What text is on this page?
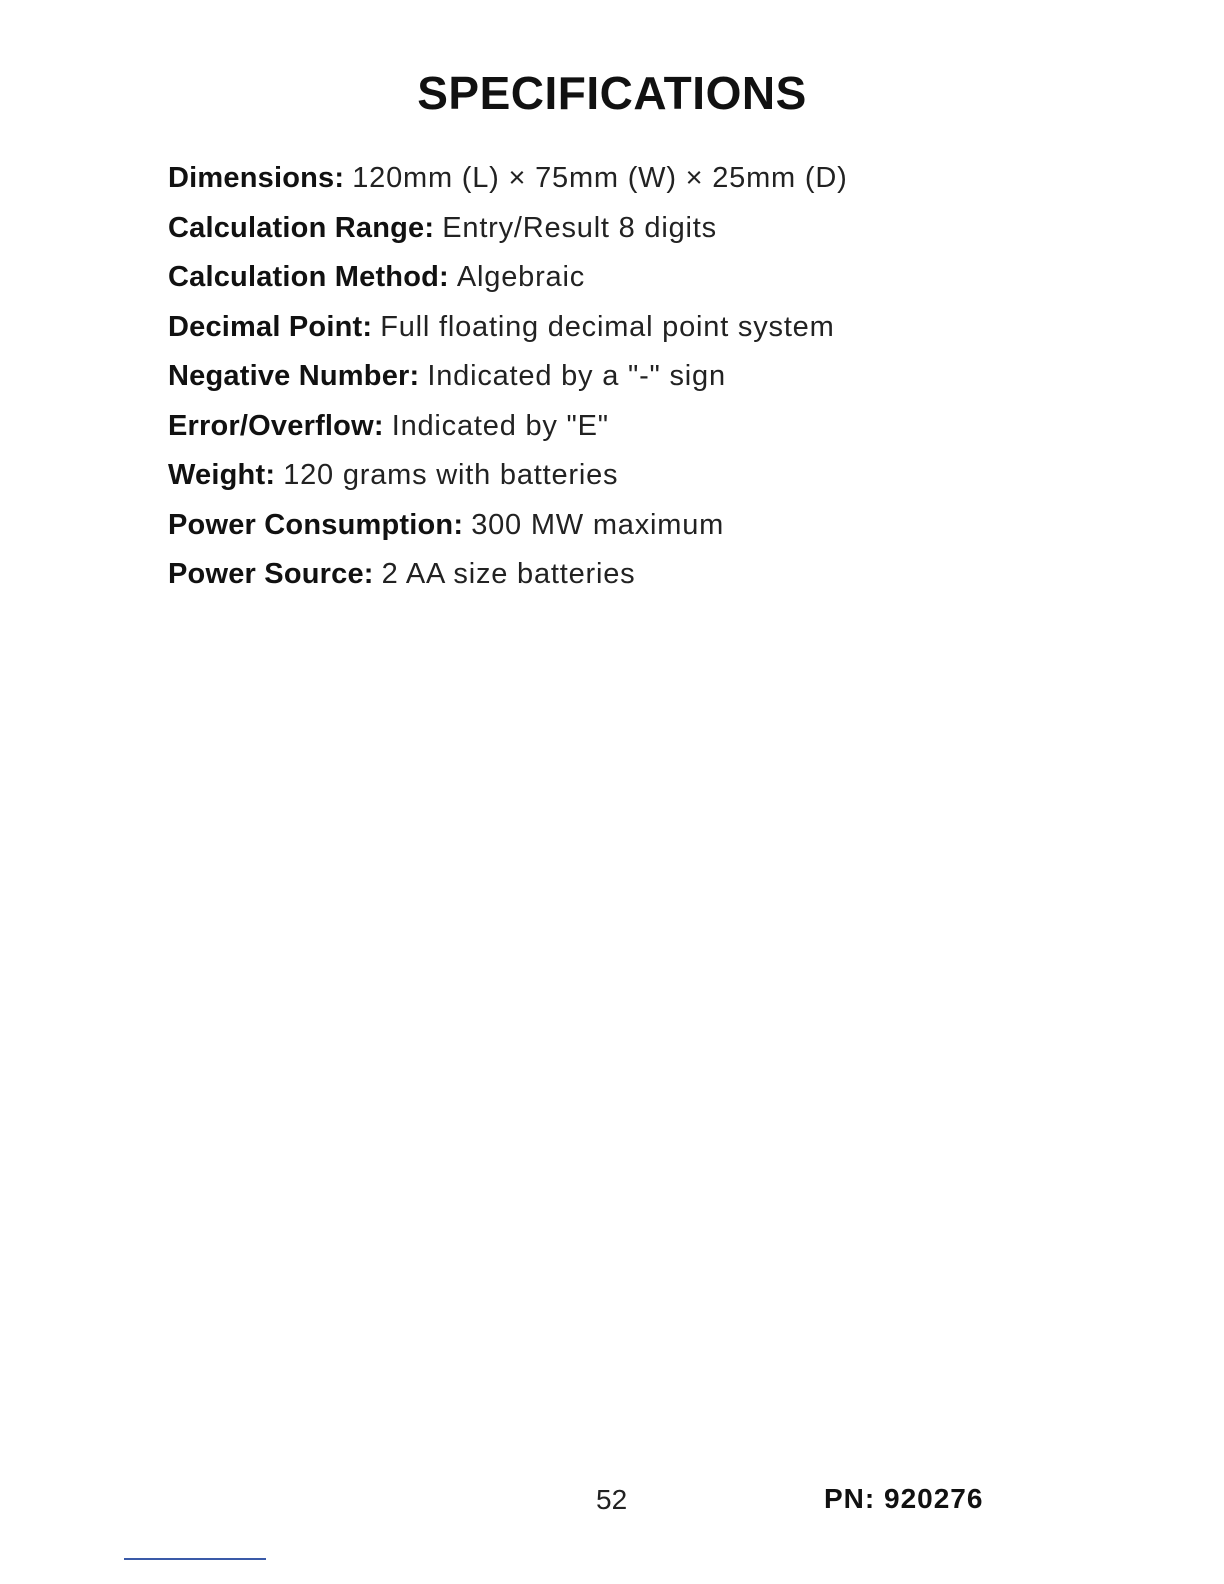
SPECIFICATIONS
Dimensions: 120mm (L) × 75mm (W) × 25mm (D)
Calculation Range: Entry/Result 8 digits
Calculation Method: Algebraic
Decimal Point: Full floating decimal point system
Negative Number: Indicated by a "-" sign
Error/Overflow: Indicated by "E"
Weight: 120 grams with batteries
Power Consumption: 300 MW maximum
Power Source: 2 AA size batteries
52	PN: 920276
